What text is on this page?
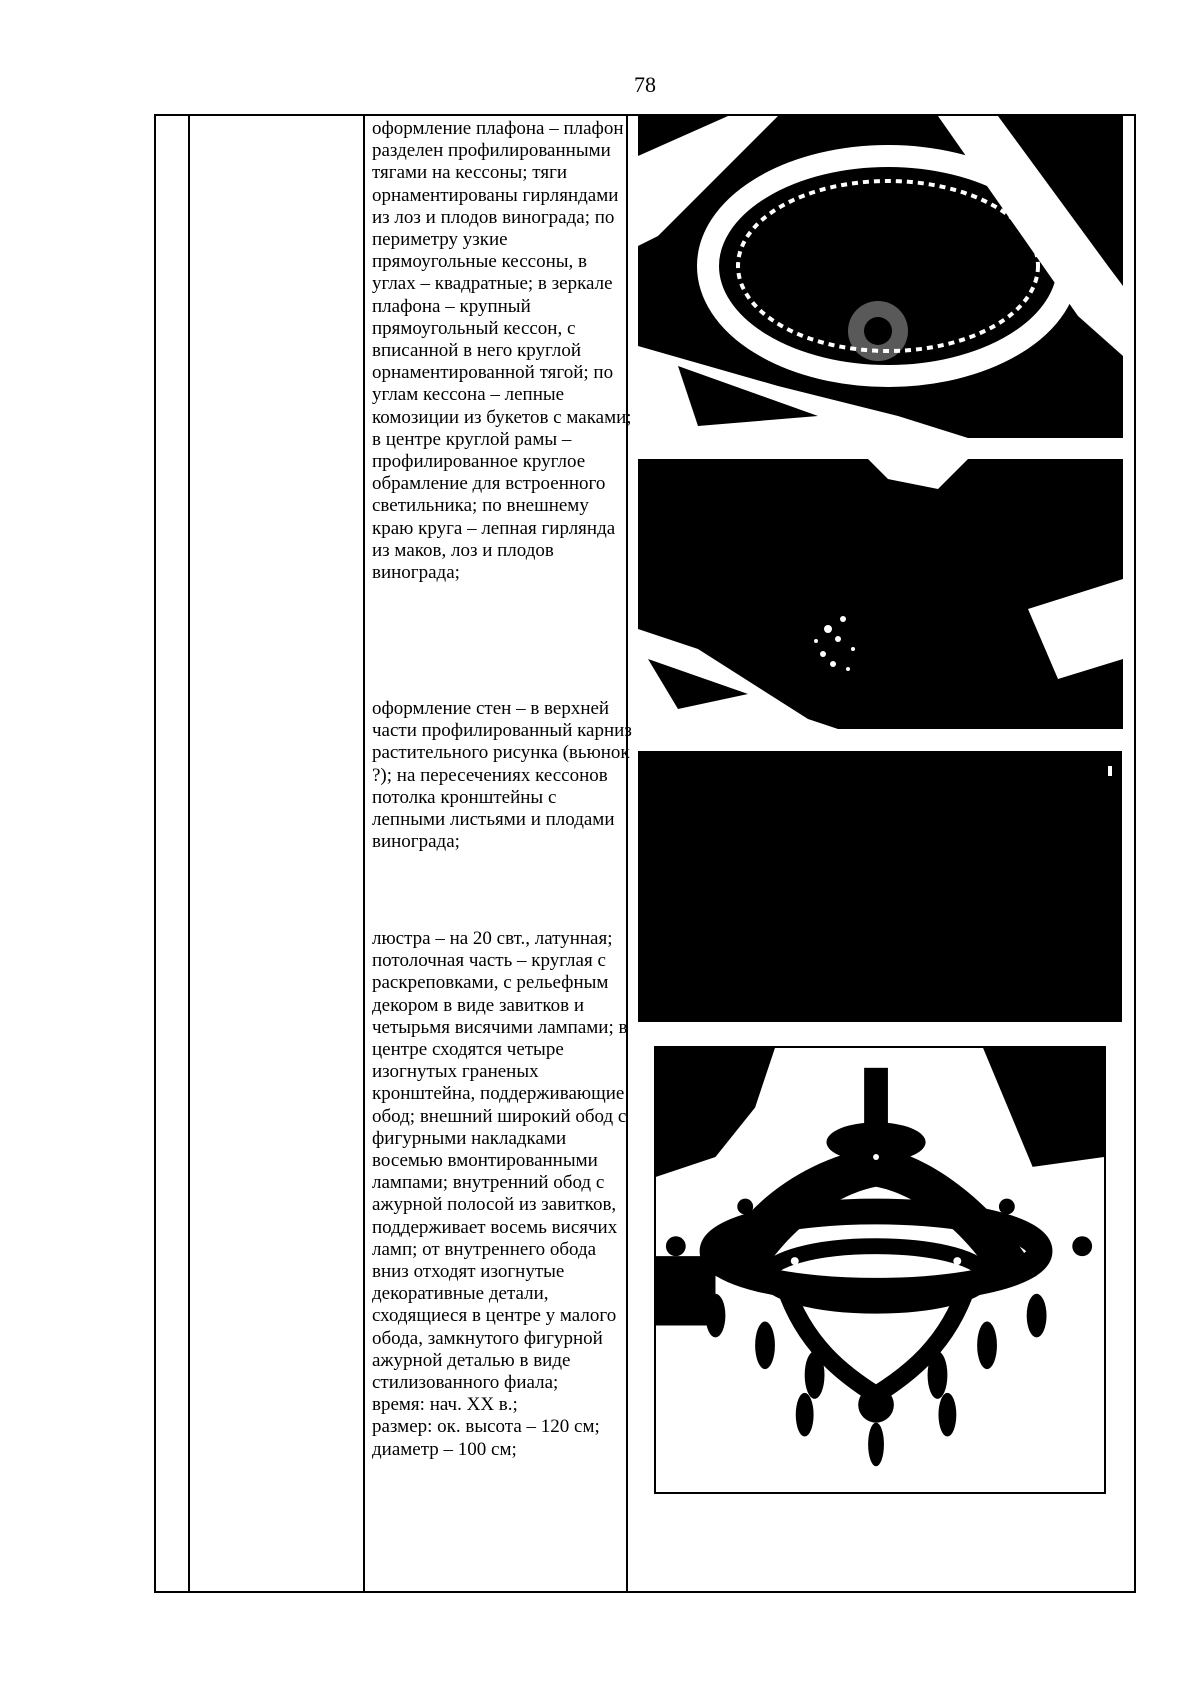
78

оформление плафона – плафон разделен профилированными тягами на кессоны; тяги орнаментированы гирляндами из лоз и плодов винограда; по периметру узкие прямоугольные кессоны, в углах – квадратные; в зеркале плафона – крупный прямоугольный кессон, с вписанной в него круглой орнаментированной тягой; по углам кессона – лепные комозиции из букетов с маками; в центре круглой рамы – профилированное круглое обрамление для встроенного светильника; по внешнему краю круга – лепная гирлянда из маков, лоз и плодов винограда;

оформление стен – в верхней части профилированный карниз растительного рисунка (вьюнок ?); на пересечениях кессонов потолка кронштейны с лепными листьями и плодами винограда;

люстра – на 20 свт., латунная; потолочная часть – круглая с раскреповками, с рельефным декором в виде завитков и четырьмя висячими лампами; в центре сходятся четыре изогнутых граненых кронштейна, поддерживающие обод; внешний широкий обод с фигурными накладками восемью вмонтированными лампами; внутренний обод с ажурной полосой из завитков, поддерживает восемь висячих ламп; от внутреннего обода вниз отходят изогнутые декоративные детали, сходящиеся в центре у малого обода, замкнутого фигурной ажурной деталью в виде стилизованного фиала;

время: нач. XX в.;

размер: ок. высота – 120 см; диаметр – 100 см;
